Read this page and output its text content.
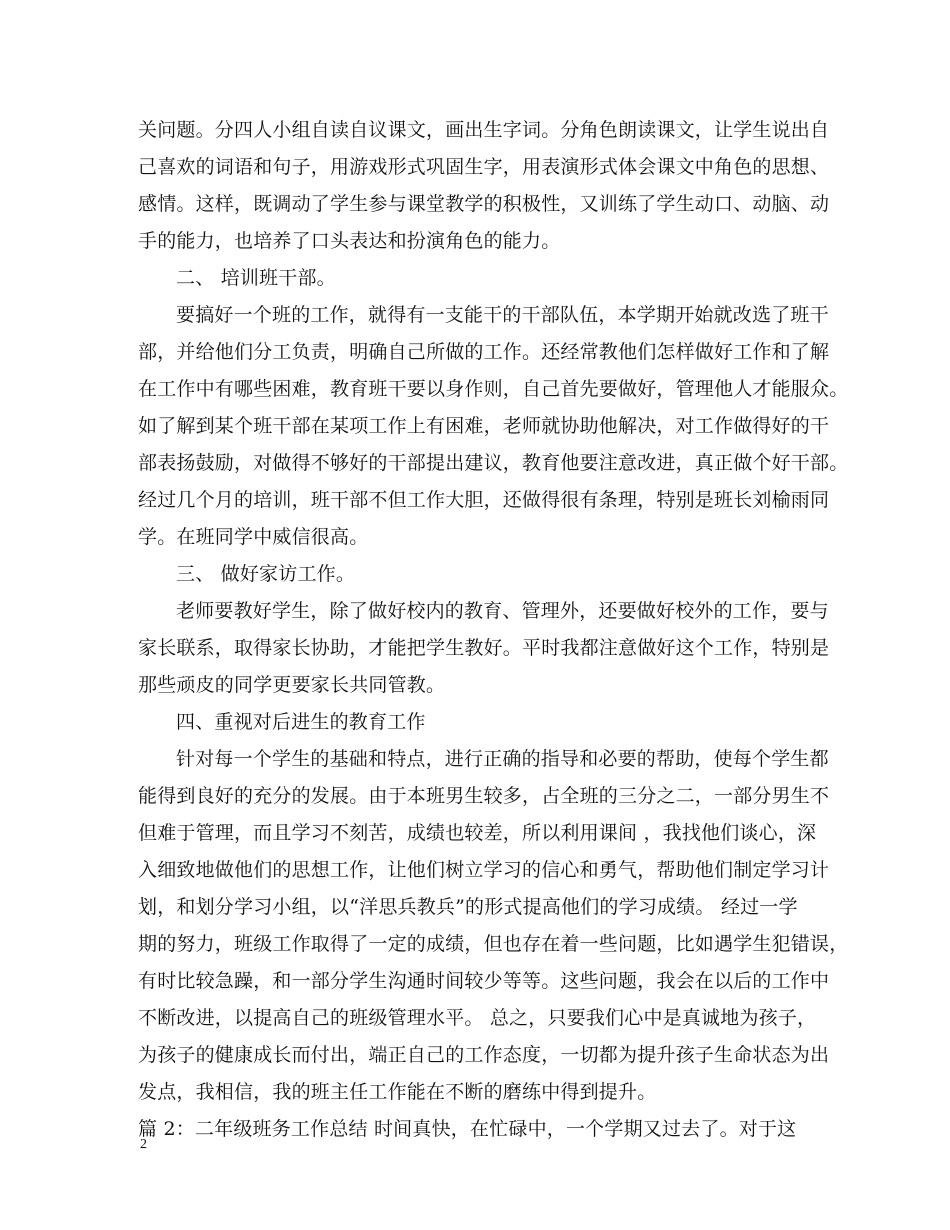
关问题。分四人小组自读自议课文，画出生字词。分角色朗读课文，让学生说出自
己喜欢的词语和句子，用游戏形式巩固生字，用表演形式体会课文中角色的思想、
感情。这样，既调动了学生参与课堂教学的积极性，又训练了学生动口、动脑、动
手的能力，也培养了口头表达和扮演角色的能力。
二、 培训班干部。
要搞好一个班的工作，就得有一支能干的干部队伍，本学期开始就改选了班干
部，并给他们分工负责，明确自己所做的工作。还经常教他们怎样做好工作和了解
在工作中有哪些困难，教育班干要以身作则，自己首先要做好，管理他人才能服众。
如了解到某个班干部在某项工作上有困难，老师就协助他解决，对工作做得好的干
部表扬鼓励，对做得不够好的干部提出建议，教育他要注意改进，真正做个好干部。
经过几个月的培训，班干部不但工作大胆，还做得很有条理，特别是班长刘榆雨同
学。在班同学中威信很高。
三、 做好家访工作。
老师要教好学生，除了做好校内的教育、管理外，还要做好校外的工作，要与
家长联系，取得家长协助，才能把学生教好。平时我都注意做好这个工作，特别是
那些顽皮的同学更要家长共同管教。
四、重视对后进生的教育工作
针对每一个学生的基础和特点，进行正确的指导和必要的帮助，使每个学生都
能得到良好的充分的发展。由于本班男生较多，占全班的三分之二，一部分男生不
但难于管理，而且学习不刻苦，成绩也较差，所以利用课间 ，我找他们谈心，深
入细致地做他们的思想工作，让他们树立学习的信心和勇气，帮助他们制定学习计
划，和划分学习小组，以“洋思兵教兵”的形式提高他们的学习成绩。 经过一学
期的努力，班级工作取得了一定的成绩，但也存在着一些问题，比如遇学生犯错误，
有时比较急躁，和一部分学生沟通时间较少等等。这些问题，我会在以后的工作中
不断改进，以提高自己的班级管理水平。 总之，只要我们心中是真诚地为孩子，
为孩子的健康成长而付出，端正自己的工作态度，一切都为提升孩子生命状态为出
发点，我相信，我的班主任工作能在不断的磨练中得到提升。
篇 2：二年级班务工作总结 时间真快，在忙碌中，一个学期又过去了。对于这
2
